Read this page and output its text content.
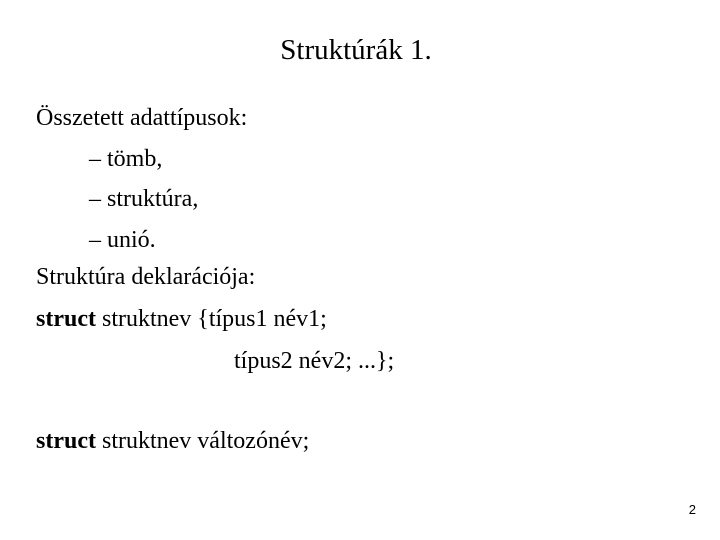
Struktúrák 1.
Összetett adattípusok:
– tömb,
– struktúra,
– unió.
Struktúra deklarációja:
struct struktnev {típus1 név1;
típus2 név2; ...};
struct struktnev változónév;
2
